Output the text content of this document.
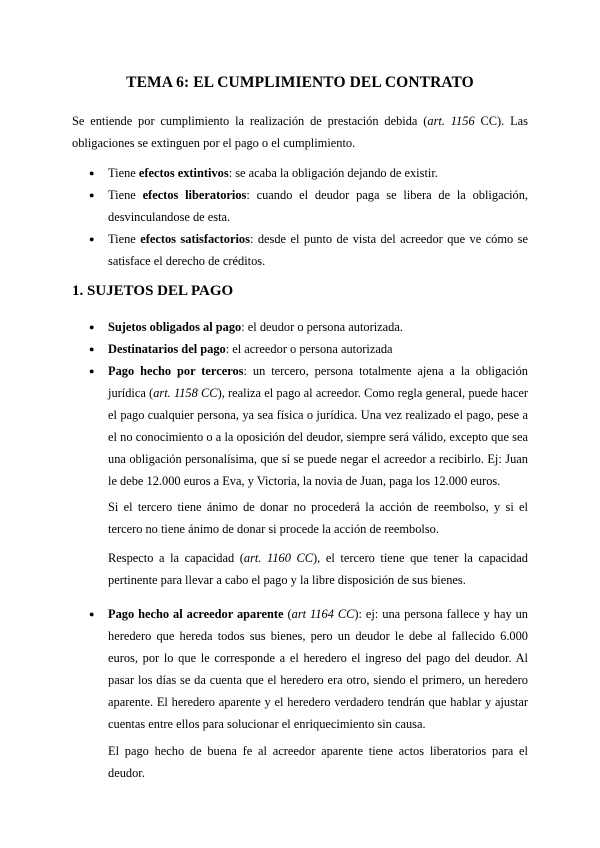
TEMA 6: EL CUMPLIMIENTO DEL CONTRATO

Se entiende por cumplimiento la realización de prestación debida (art. 1156 CC). Las obligaciones se extinguen por el pago o el cumplimiento.

● Tiene efectos extintivos: se acaba la obligación dejando de existir.
● Tiene efectos liberatorios: cuando el deudor paga se libera de la obligación, desvinculandose de esta.
● Tiene efectos satisfactorios: desde el punto de vista del acreedor que ve cómo se satisface el derecho de créditos.
1. SUJETOS DEL PAGO
● Sujetos obligados al pago: el deudor o persona autorizada.
● Destinatarios del pago: el acreedor o persona autorizada
● Pago hecho por terceros: un tercero, persona totalmente ajena a la obligación jurídica (art. 1158 CC), realiza el pago al acreedor. Como regla general, puede hacer el pago cualquier persona, ya sea física o jurídica. Una vez realizado el pago, pese a el no conocimiento o a la oposición del deudor, siempre será válido, excepto que sea una obligación personalísima, que sí se puede negar el acreedor a recibirlo. Ej: Juan le debe 12.000 euros a Eva, y Victoria, la novia de Juan, paga los 12.000 euros.

Si el tercero tiene ánimo de donar no procederá la acción de reembolso, y si el tercero no tiene ánimo de donar si procede la acción de reembolso.

Respecto a la capacidad (art. 1160 CC), el tercero tiene que tener la capacidad pertinente para llevar a cabo el pago y la libre disposición de sus bienes.

● Pago hecho al acreedor aparente (art 1164 CC): ej: una persona fallece y hay un heredero que hereda todos sus bienes, pero un deudor le debe al fallecido 6.000 euros, por lo que le corresponde a el heredero el ingreso del pago del deudor. Al pasar los días se da cuenta que el heredero era otro, siendo el primero, un heredero aparente. El heredero aparente y el heredero verdadero tendrán que hablar y ajustar cuentas entre ellos para solucionar el enriquecimiento sin causa.

El pago hecho de buena fe al acreedor aparente tiene actos liberatorios para el deudor.
